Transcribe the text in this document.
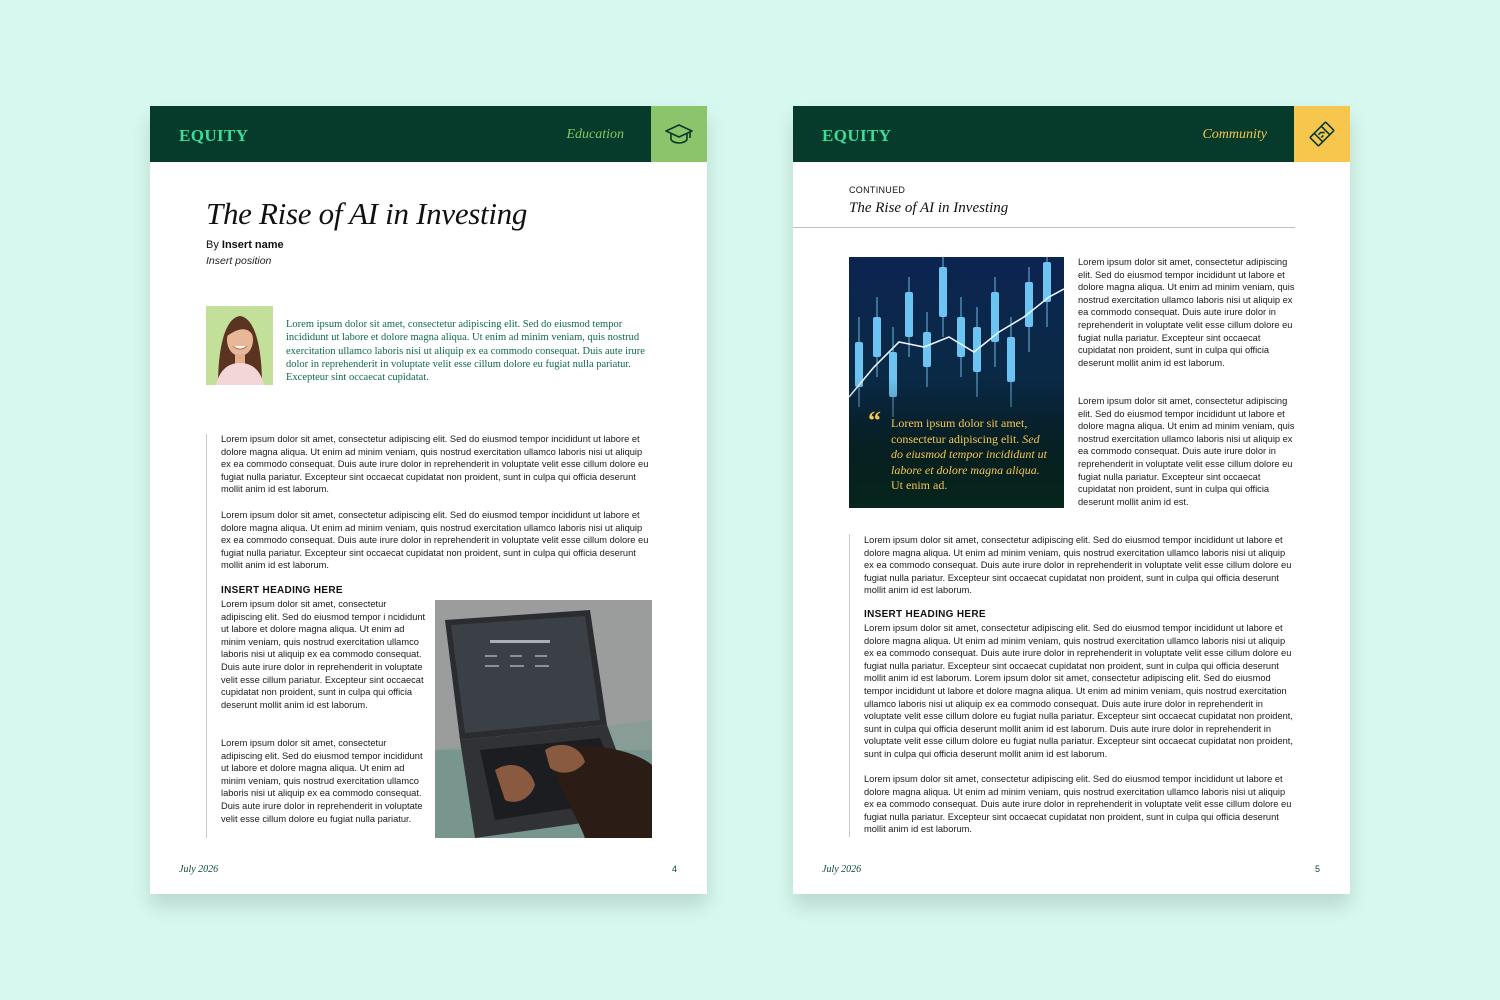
EQUITY	Education
The Rise of AI in Investing
By Insert name
Insert position

Lorem ipsum dolor sit amet, consectetur adipiscing elit. Sed do eiusmod tempor incididunt ut labore et dolore magna aliqua. Ut enim ad minim veniam, quis nostrud exercitation ullamco laboris nisi ut aliquip ex ea commodo consequat. Duis aute irure dolor in reprehenderit in voluptate velit esse cillum dolore eu fugiat nulla pariatur. Excepteur sint occaecat cupidatat.

Lorem ipsum dolor sit amet, consectetur adipiscing elit. Sed do eiusmod tempor incididunt ut labore et dolore magna aliqua. Ut enim ad minim veniam, quis nostrud exercitation ullamco laboris nisi ut aliquip ex ea commodo consequat. Duis aute irure dolor in reprehenderit in voluptate velit esse cillum dolore eu fugiat nulla pariatur. Excepteur sint occaecat cupidatat non proident, sunt in culpa qui officia deserunt mollit anim id est laborum.

Lorem ipsum dolor sit amet, consectetur adipiscing elit. Sed do eiusmod tempor incididunt ut labore et dolore magna aliqua. Ut enim ad minim veniam, quis nostrud exercitation ullamco laboris nisi ut aliquip ex ea commodo consequat. Duis aute irure dolor in reprehenderit in voluptate velit esse cillum dolore eu fugiat nulla pariatur. Excepteur sint occaecat cupidatat non proident, sunt in culpa qui officia deserunt mollit anim id est laborum.

INSERT HEADING HERE

Lorem ipsum dolor sit amet, consectetur adipiscing elit. Sed do eiusmod tempor i ncididunt ut labore et dolore magna aliqua. Ut enim ad minim veniam, quis nostrud exercitation ullamco laboris nisi ut aliquip ex ea commodo consequat. Duis aute irure dolor in reprehenderit in voluptate velit esse cillum pariatur. Excepteur sint occaecat cupidatat non proident, sunt in culpa qui officia deserunt mollit anim id est laborum.

Lorem ipsum dolor sit amet, consectetur adipiscing elit. Sed do eiusmod tempor incididunt ut labore et dolore magna aliqua. Ut enim ad minim veniam, quis nostrud exercitation ullamco laboris nisi ut aliquip ex ea commodo consequat. Duis aute irure dolor in reprehenderit in voluptate velit esse cillum dolore eu fugiat nulla pariatur.

July 2026	4
EQUITY	Community
CONTINUED
The Rise of AI in Investing
“ Lorem ipsum dolor sit amet, consectetur adipiscing elit. Sed do eiusmod tempor incididunt ut labore et dolore magna aliqua. Ut enim ad.

Lorem ipsum dolor sit amet, consectetur adipiscing elit. Sed do eiusmod tempor incididunt ut labore et dolore magna aliqua. Ut enim ad minim veniam, quis nostrud exercitation ullamco laboris nisi ut aliquip ex ea commodo consequat. Duis aute irure dolor in reprehenderit in voluptate velit esse cillum dolore eu fugiat nulla pariatur. Excepteur sint occaecat cupidatat non proident, sunt in culpa qui officia deserunt mollit anim id est laborum.

Lorem ipsum dolor sit amet, consectetur adipiscing elit. Sed do eiusmod tempor incididunt ut labore et dolore magna aliqua. Ut enim ad minim veniam, quis nostrud exercitation ullamco laboris nisi ut aliquip ex ea commodo consequat. Duis aute irure dolor in reprehenderit in voluptate velit esse cillum dolore eu fugiat nulla pariatur. Excepteur sint occaecat cupidatat non proident, sunt in culpa qui officia deserunt mollit anim id est.

Lorem ipsum dolor sit amet, consectetur adipiscing elit. Sed do eiusmod tempor incididunt ut labore et dolore magna aliqua. Ut enim ad minim veniam, quis nostrud exercitation ullamco laboris nisi ut aliquip ex ea commodo consequat. Duis aute irure dolor in reprehenderit in voluptate velit esse cillum dolore eu fugiat nulla pariatur. Excepteur sint occaecat cupidatat non proident, sunt in culpa qui officia deserunt mollit anim id est laborum.

INSERT HEADING HERE

Lorem ipsum dolor sit amet, consectetur adipiscing elit. Sed do eiusmod tempor incididunt ut labore et dolore magna aliqua. Ut enim ad minim veniam, quis nostrud exercitation ullamco laboris nisi ut aliquip ex ea commodo consequat. Duis aute irure dolor in reprehenderit in voluptate velit esse cillum dolore eu fugiat nulla pariatur. Excepteur sint occaecat cupidatat non proident, sunt in culpa qui officia deserunt mollit anim id est laborum. Lorem ipsum dolor sit amet, consectetur adipiscing elit. Sed do eiusmod tempor incididunt ut labore et dolore magna aliqua. Ut enim ad minim veniam, quis nostrud exercitation ullamco laboris nisi ut aliquip ex ea commodo consequat. Duis aute irure dolor in reprehenderit in voluptate velit esse cillum dolore eu fugiat nulla pariatur. Excepteur sint occaecat cupidatat non proident, sunt in culpa qui officia deserunt mollit anim id est laborum. Duis aute irure dolor in reprehenderit in voluptate velit esse cillum dolore eu fugiat nulla pariatur. Excepteur sint occaecat cupidatat non proident, sunt in culpa qui officia deserunt mollit anim id est laborum.

Lorem ipsum dolor sit amet, consectetur adipiscing elit. Sed do eiusmod tempor incididunt ut labore et dolore magna aliqua. Ut enim ad minim veniam, quis nostrud exercitation ullamco laboris nisi ut aliquip ex ea commodo consequat. Duis aute irure dolor in reprehenderit in voluptate velit esse cillum dolore eu fugiat nulla pariatur. Excepteur sint occaecat cupidatat non proident, sunt in culpa qui officia deserunt mollit anim id est laborum.

July 2026	5
